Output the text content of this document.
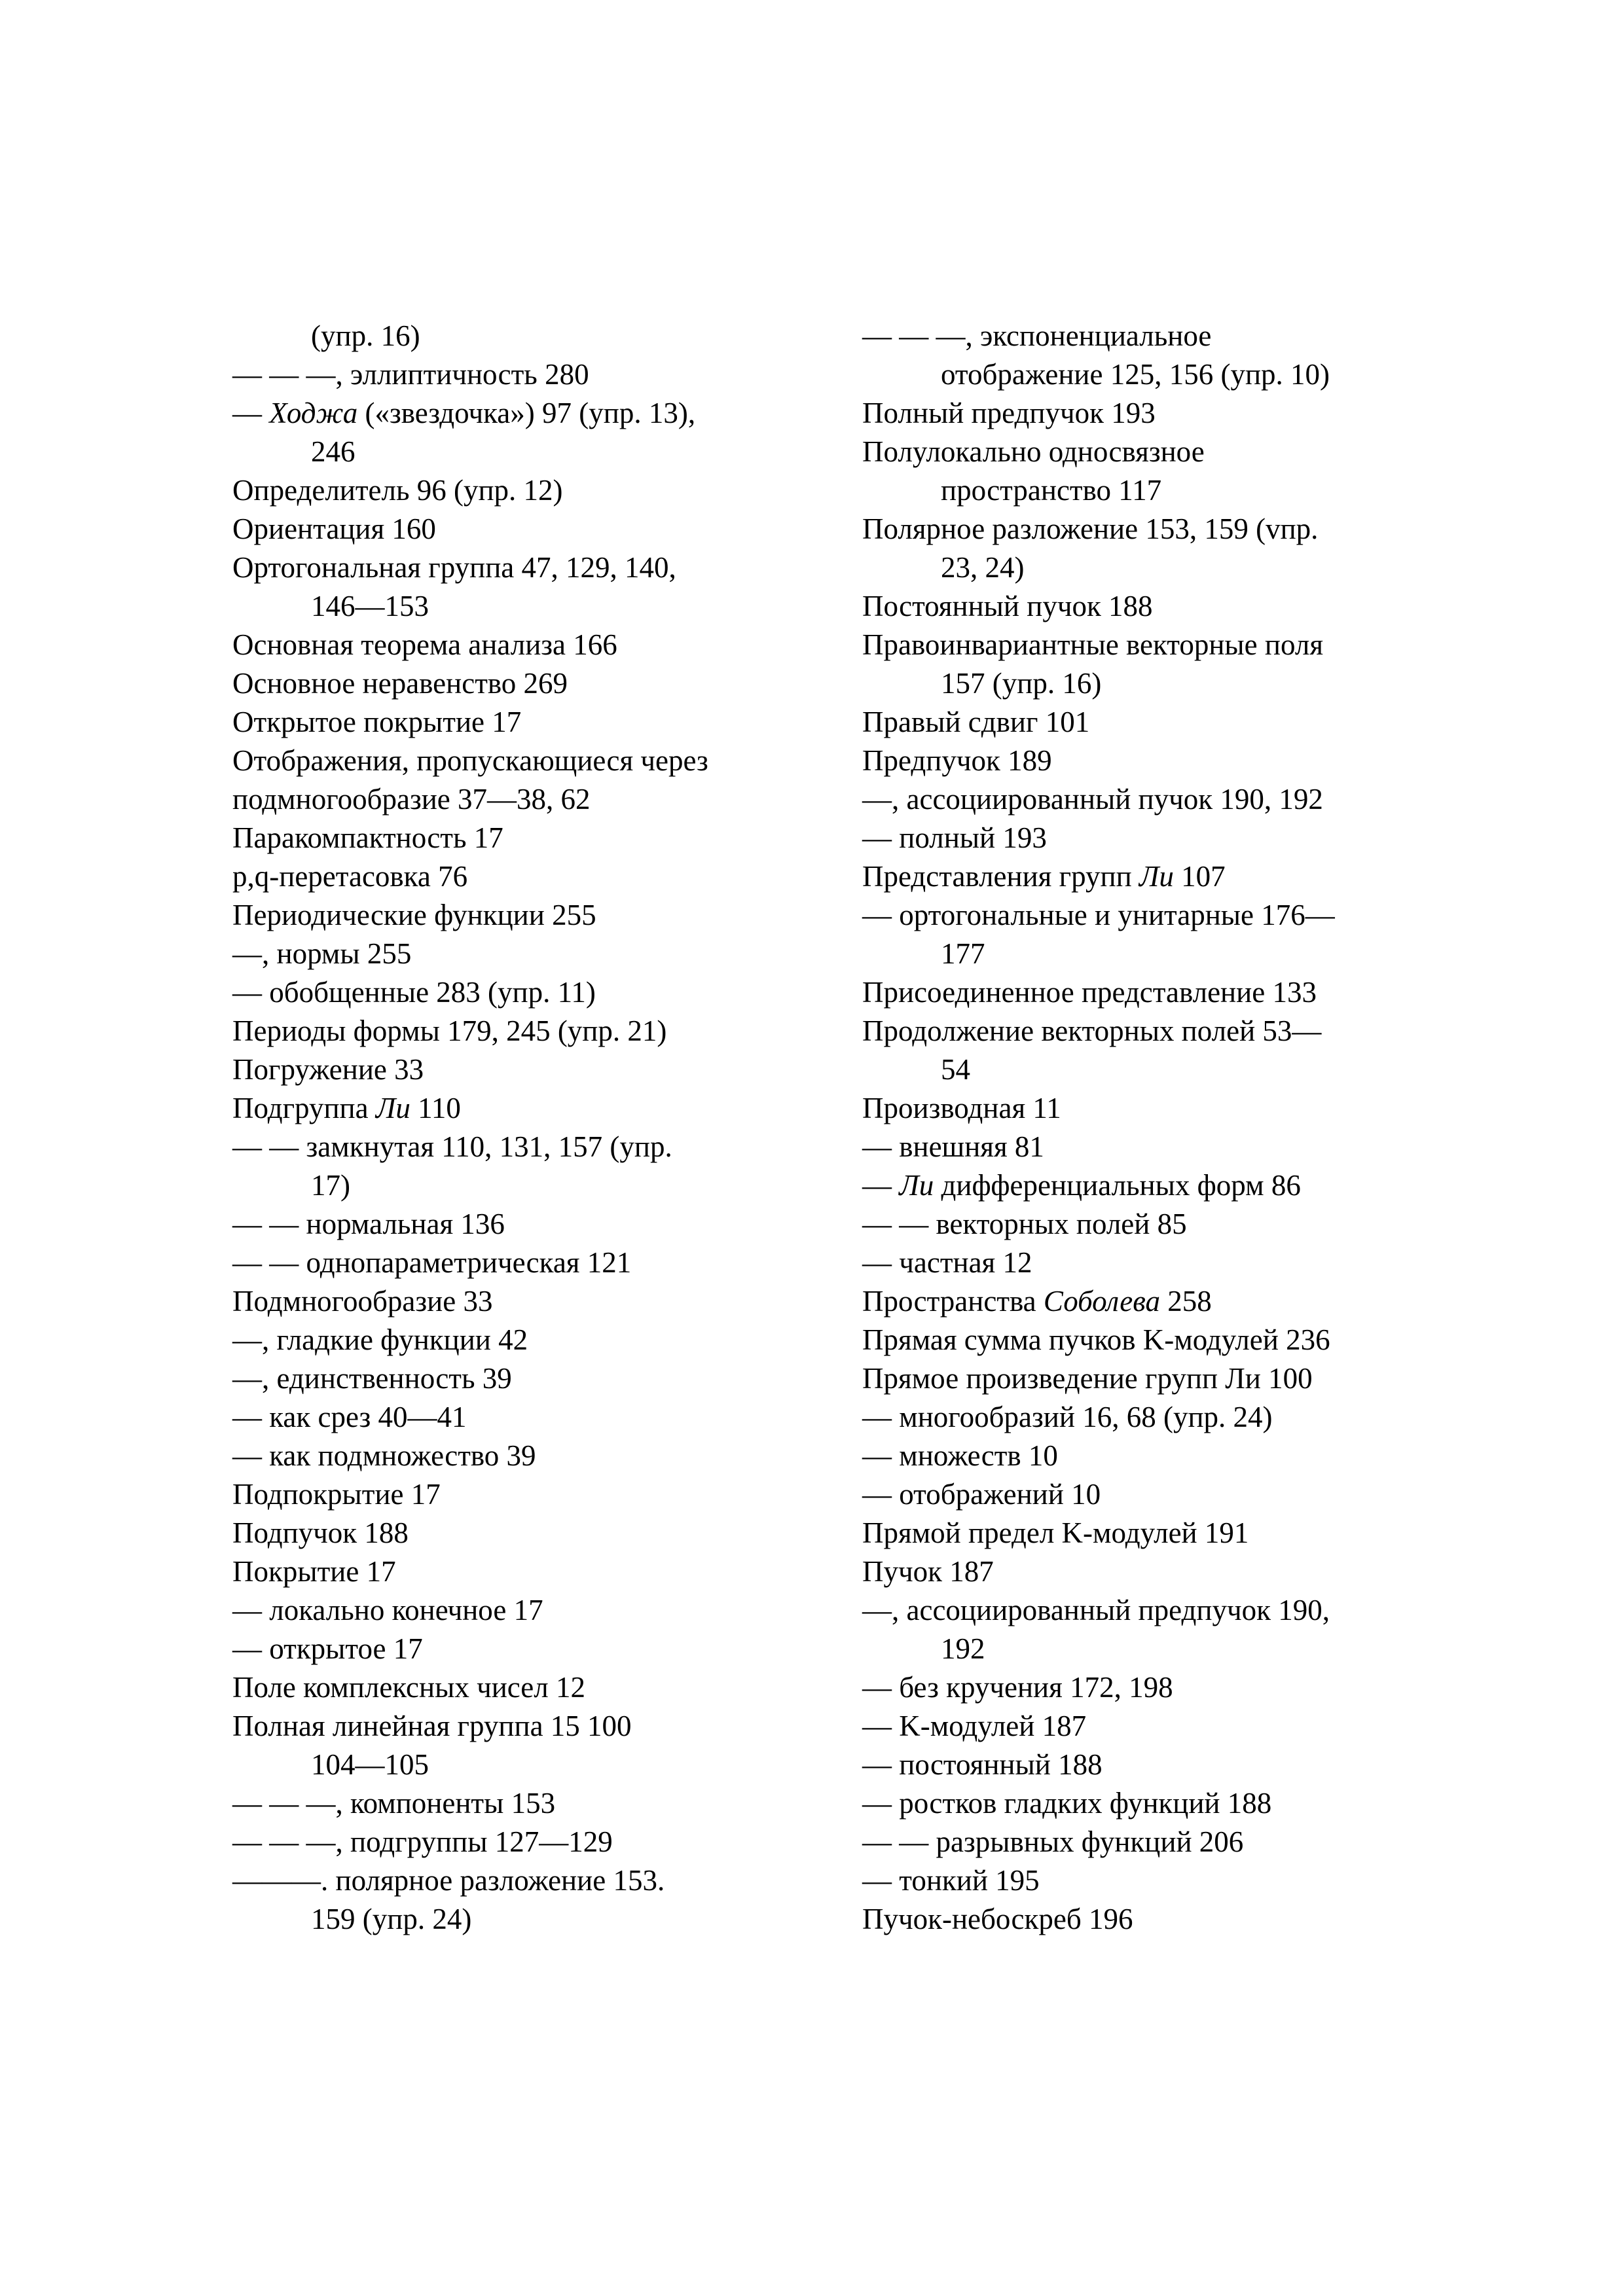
(упр. 16)
— — —, эллиптичность 280
— Ходжа («звездочка») 97 (упр. 13),
246
Определитель 96 (упр. 12)
Ориентация 160
Ортогональная группа 47, 129, 140,
146—153
Основная теорема анализа 166
Основное неравенство 269
Открытое покрытие 17
Отображения, пропускающиеся через
подмногообразие 37—38, 62
Паракомпактность 17
p,q-перетасовка 76
Периодические функции 255
—, нормы 255
— обобщенные 283 (упр. 11)
Периоды формы 179, 245 (упр. 21)
Погружение 33
Подгруппа Ли 110
— — замкнутая 110, 131, 157 (упр.
17)
— — нормальная 136
— — однопараметрическая 121
Подмногообразие 33
—, гладкие функции 42
—, единственность 39
— как срез 40—41
— как подмножество 39
Подпокрытие 17
Подпучок 188
Покрытие 17
— локально конечное 17
— открытое 17
Поле комплексных чисел 12
Полная линейная группа 15 100
104—105
— — —, компоненты 153
— — —, подгруппы 127—129
———. полярное разложение 153.
159 (упр. 24)
— — —, экспоненциальное
отображение 125, 156 (упр. 10)
Полный предпучок 193
Полулокально односвязное
пространство 117
Полярное разложение 153, 159 (vпр.
23, 24)
Постоянный пучок 188
Правоинвариантные векторные поля
157 (упр. 16)
Правый сдвиг 101
Предпучок 189
—, ассоциированный пучок 190, 192
— полный 193
Представления групп Ли 107
— ортогональные и унитарные 176—
177
Присоединенное представление 133
Продолжение векторных полей 53—
54
Производная 11
— внешняя 81
— Ли дифференциальных форм 86
— — векторных полей 85
— частная 12
Пространства Соболева 258
Прямая сумма пучков K-модулей 236
Прямое произведение групп Ли 100
— многообразий 16, 68 (упр. 24)
— множеств 10
— отображений 10
Прямой предел K-модулей 191
Пучок 187
—, ассоциированный предпучок 190,
192
— без кручения 172, 198
— K-модулей 187
— постоянный 188
— ростков гладких функций 188
— — разрывных функций 206
— тонкий 195
Пучок-небоскреб 196
